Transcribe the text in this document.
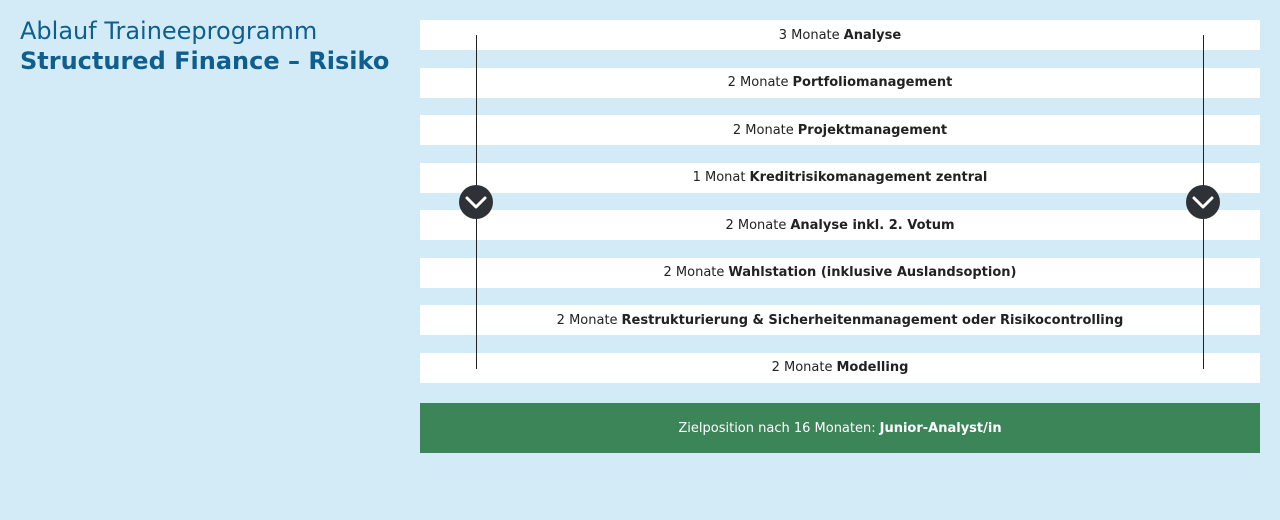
Ablauf Traineeprogramm
Structured Finance – Risiko
3 Monate Analyse
2 Monate Portfoliomanagement
2 Monate Projektmanagement
1 Monat Kreditrisikomanagement zentral
2 Monate Analyse inkl. 2. Votum
2 Monate Wahlstation (inklusive Auslandsoption)
2 Monate Restrukturierung & Sicherheitenmanagement oder Risikocontrolling
2 Monate Modelling
Zielposition nach 16 Monaten: Junior-Analyst/in
